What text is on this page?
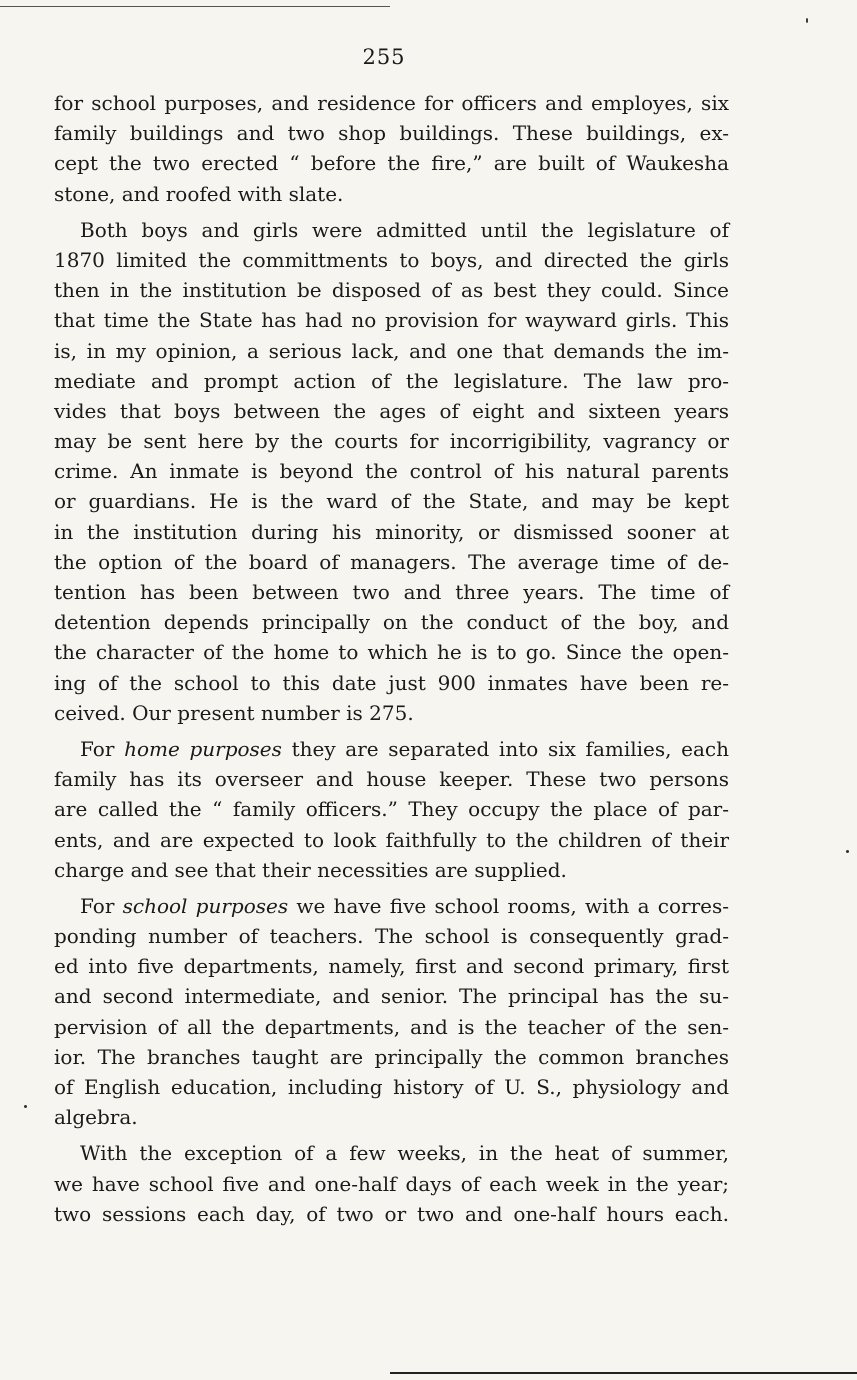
255
for school purposes, and residence for officers and employes, six
family buildings and two shop buildings. These buildings, ex-
cept the two erected “ before the fire,” are built of Waukesha
stone, and roofed with slate.
Both boys and girls were admitted until the legislature of
1870 limited the committments to boys, and directed the girls
then in the institution be disposed of as best they could. Since
that time the State has had no provision for wayward girls. This
is, in my opinion, a serious lack, and one that demands the im-
mediate and prompt action of the legislature. The law pro-
vides that boys between the ages of eight and sixteen years
may be sent here by the courts for incorrigibility, vagrancy or
crime. An inmate is beyond the control of his natural parents
or guardians. He is the ward of the State, and may be kept
in the institution during his minority, or dismissed sooner at
the option of the board of managers. The average time of de-
tention has been between two and three years. The time of
detention depends principally on the conduct of the boy, and
the character of the home to which he is to go. Since the open-
ing of the school to this date just 900 inmates have been re-
ceived. Our present number is 275.
For home purposes they are separated into six families, each
family has its overseer and house keeper. These two persons
are called the “ family officers.” They occupy the place of par-
ents, and are expected to look faithfully to the children of their
charge and see that their necessities are supplied.
For school purposes we have five school rooms, with a corres-
ponding number of teachers. The school is consequently grad-
ed into five departments, namely, first and second primary, first
and second intermediate, and senior. The principal has the su-
pervision of all the departments, and is the teacher of the sen-
ior. The branches taught are principally the common branches
of English education, including history of U. S., physiology and
algebra.
With the exception of a few weeks, in the heat of summer,
we have school five and one-half days of each week in the year;
two sessions each day, of two or two and one-half hours each.
